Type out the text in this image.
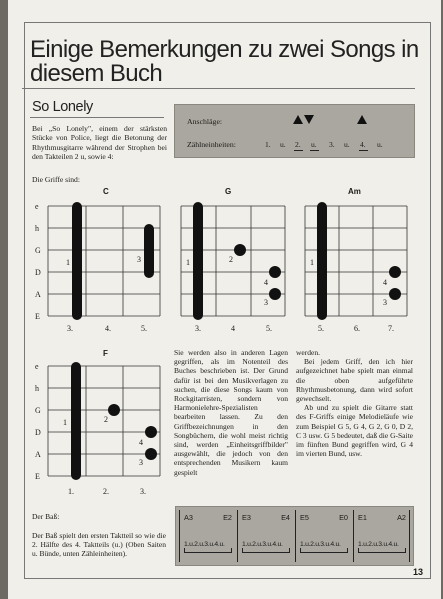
Einige Bemerkungen zu zwei Songs in
diesem Buch
So Lonely
Bei „So Lonely", einem der stärksten Stücke von Police, liegt die Betonung der Rhythmusgitarre während der Strophen bei den Takteilen 2 u, sowie 4:
Anschläge:
Zählneinheiten:	1. u. 2. u. 3. u. 4. u.
Die Griffe sind:
C
e
h
G
D
A
E
1	3
3.	4.	5.
G
1	2
4
3
3.	4	5.
Am
1
4
3
5.	6.	7.
F
e
h
G
D
A
E
1	2
4
3
1.	2.	3.
Sie werden also in anderen Lagen gegriffen, als im Notenteil des Buches beschrieben ist. Der Grund dafür ist bei den Musikverlagen zu suchen, die diese Songs kaum von Rockgitarristen, sondern von Harmonielehre-Spezialisten bearbeiten lassen. Zu den Griffbezeichnungen in den Songbüchern, die wohl meist richtig sind, werden „Einheitsgriffbilder" ausgewählt, die jedoch von den entsprechenden Musikern kaum gespielt
werden.
Bei jedem Griff, den ich hier aufgezeichnet habe spielt man einmal die oben aufgeführte Rhythmusbetonung, dann wird sofort gewechselt.
Ab und zu spielt die Gitarre statt des F-Griffs einige Melodieläufe wie zum Beispiel G 5, G 4, G 2, G 0, D 2, C 3 usw. G 5 bedeutet, daß die G-Saite im fünften Bund gegriffen wird, G 4 im vierten Bund, usw.
Der Baß:
Der Baß spielt den ersten Taktteil so wie die 2. Hälfte des 4. Taktteils (u.) (Oben Saiten u. Bünde, unten Zähleinheiten).
A3	E2
1.u.2.u.3.u.4.u.
E3	E4
1.u.2.u.3.u.4.u.
E5	E0
1.u.2.u.3.u.4.u.
E1	A2
1.u.2.u.3.u.4.u.
13
